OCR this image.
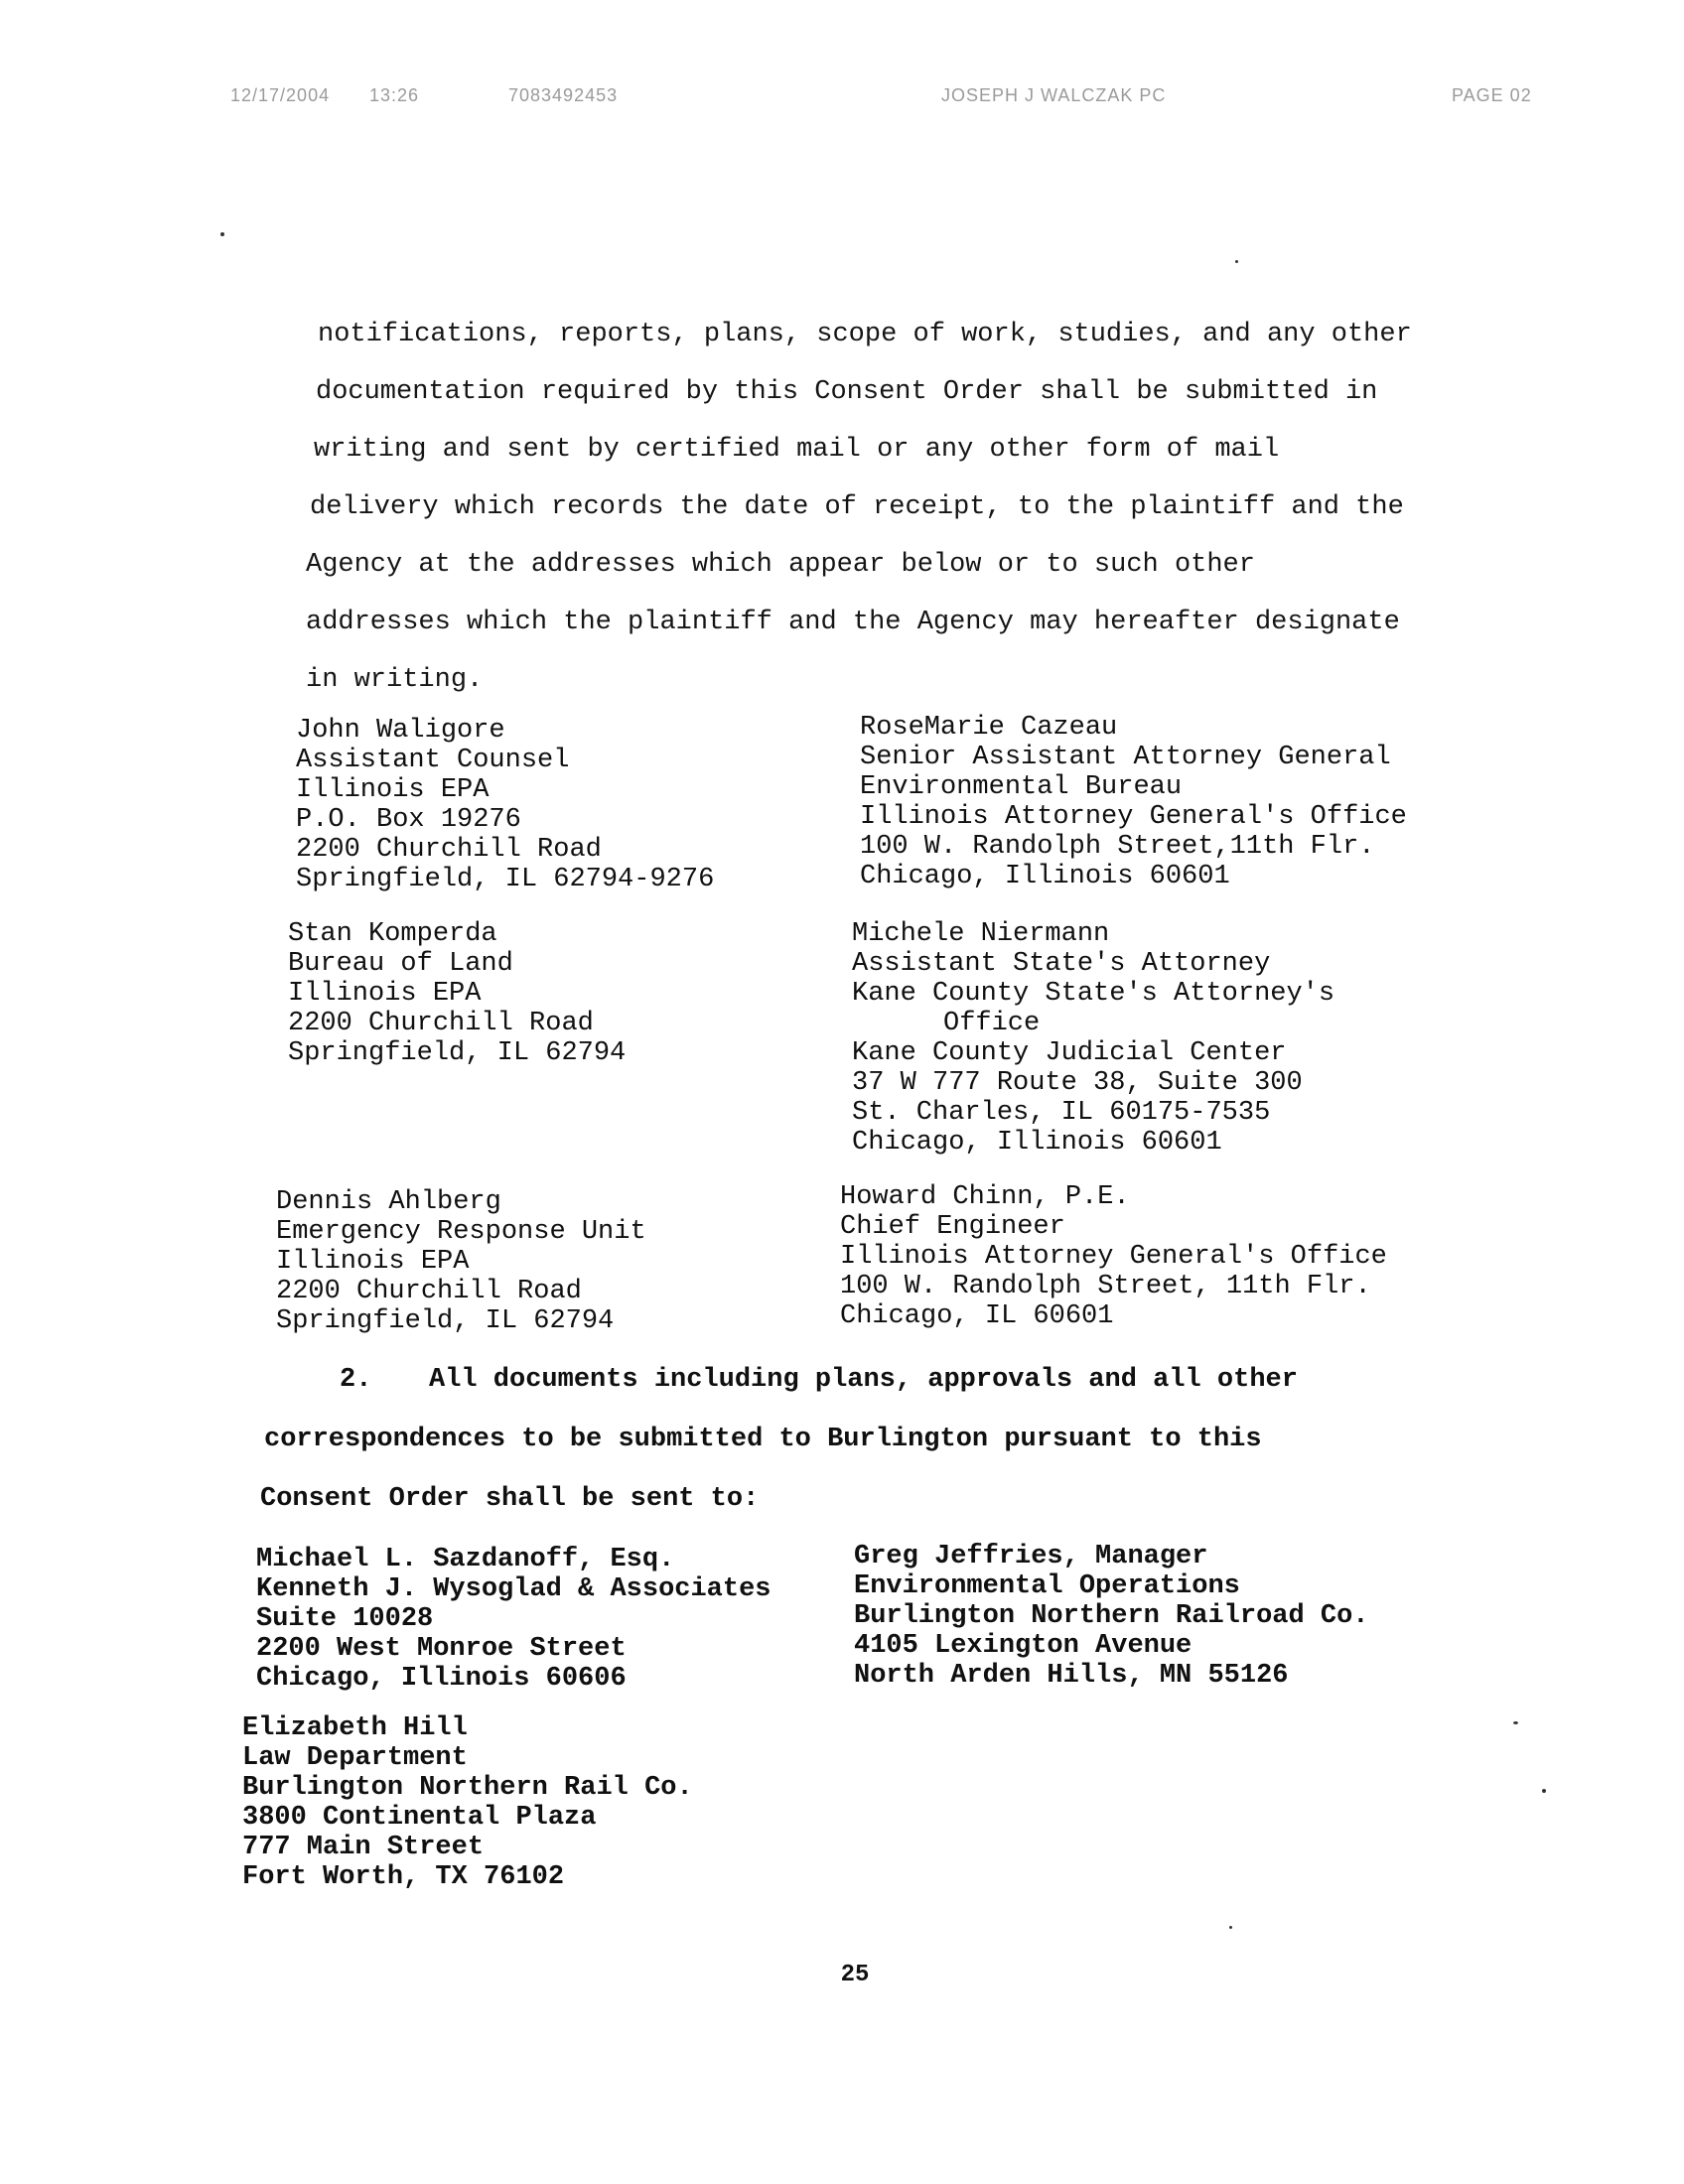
12/17/2004 13:26	7083492453	JOSEPH J WALCZAK PC	PAGE 02
notifications, reports, plans, scope of work, studies, and any other
documentation required by this Consent Order shall be submitted in
writing and sent by certified mail or any other form of mail
delivery which records the date of receipt, to the plaintiff and the
Agency at the addresses which appear below or to such other
addresses which the plaintiff and the Agency may hereafter designate
in writing.
John Waligore
Assistant Counsel
Illinois EPA
P.O. Box 19276
2200 Churchill Road
Springfield, IL 62794-9276
RoseMarie Cazeau
Senior Assistant Attorney General
Environmental Bureau
Illinois Attorney General's Office
100 W. Randolph Street,11th Flr.
Chicago, Illinois 60601
Stan Komperda
Bureau of Land
Illinois EPA
2200 Churchill Road
Springfield, IL 62794
Michele Niermann
Assistant State's Attorney
Kane County State's Attorney's
Office
Kane County Judicial Center
37 W 777 Route 38, Suite 300
St. Charles, IL 60175-7535
Chicago, Illinois 60601
Dennis Ahlberg
Emergency Response Unit
Illinois EPA
2200 Churchill Road
Springfield, IL 62794
Howard Chinn, P.E.
Chief Engineer
Illinois Attorney General's Office
100 W. Randolph Street, 11th Flr.
Chicago, IL 60601
2. All documents including plans, approvals and all other
correspondences to be submitted to Burlington pursuant to this
Consent Order shall be sent to:
Michael L. Sazdanoff, Esq.
Kenneth J. Wysoglad & Associates
Suite 10028
2200 West Monroe Street
Chicago, Illinois 60606
Greg Jeffries, Manager
Environmental Operations
Burlington Northern Railroad Co.
4105 Lexington Avenue
North Arden Hills, MN 55126
Elizabeth Hill
Law Department
Burlington Northern Rail Co.
3800 Continental Plaza
777 Main Street
Fort Worth, TX 76102
25
